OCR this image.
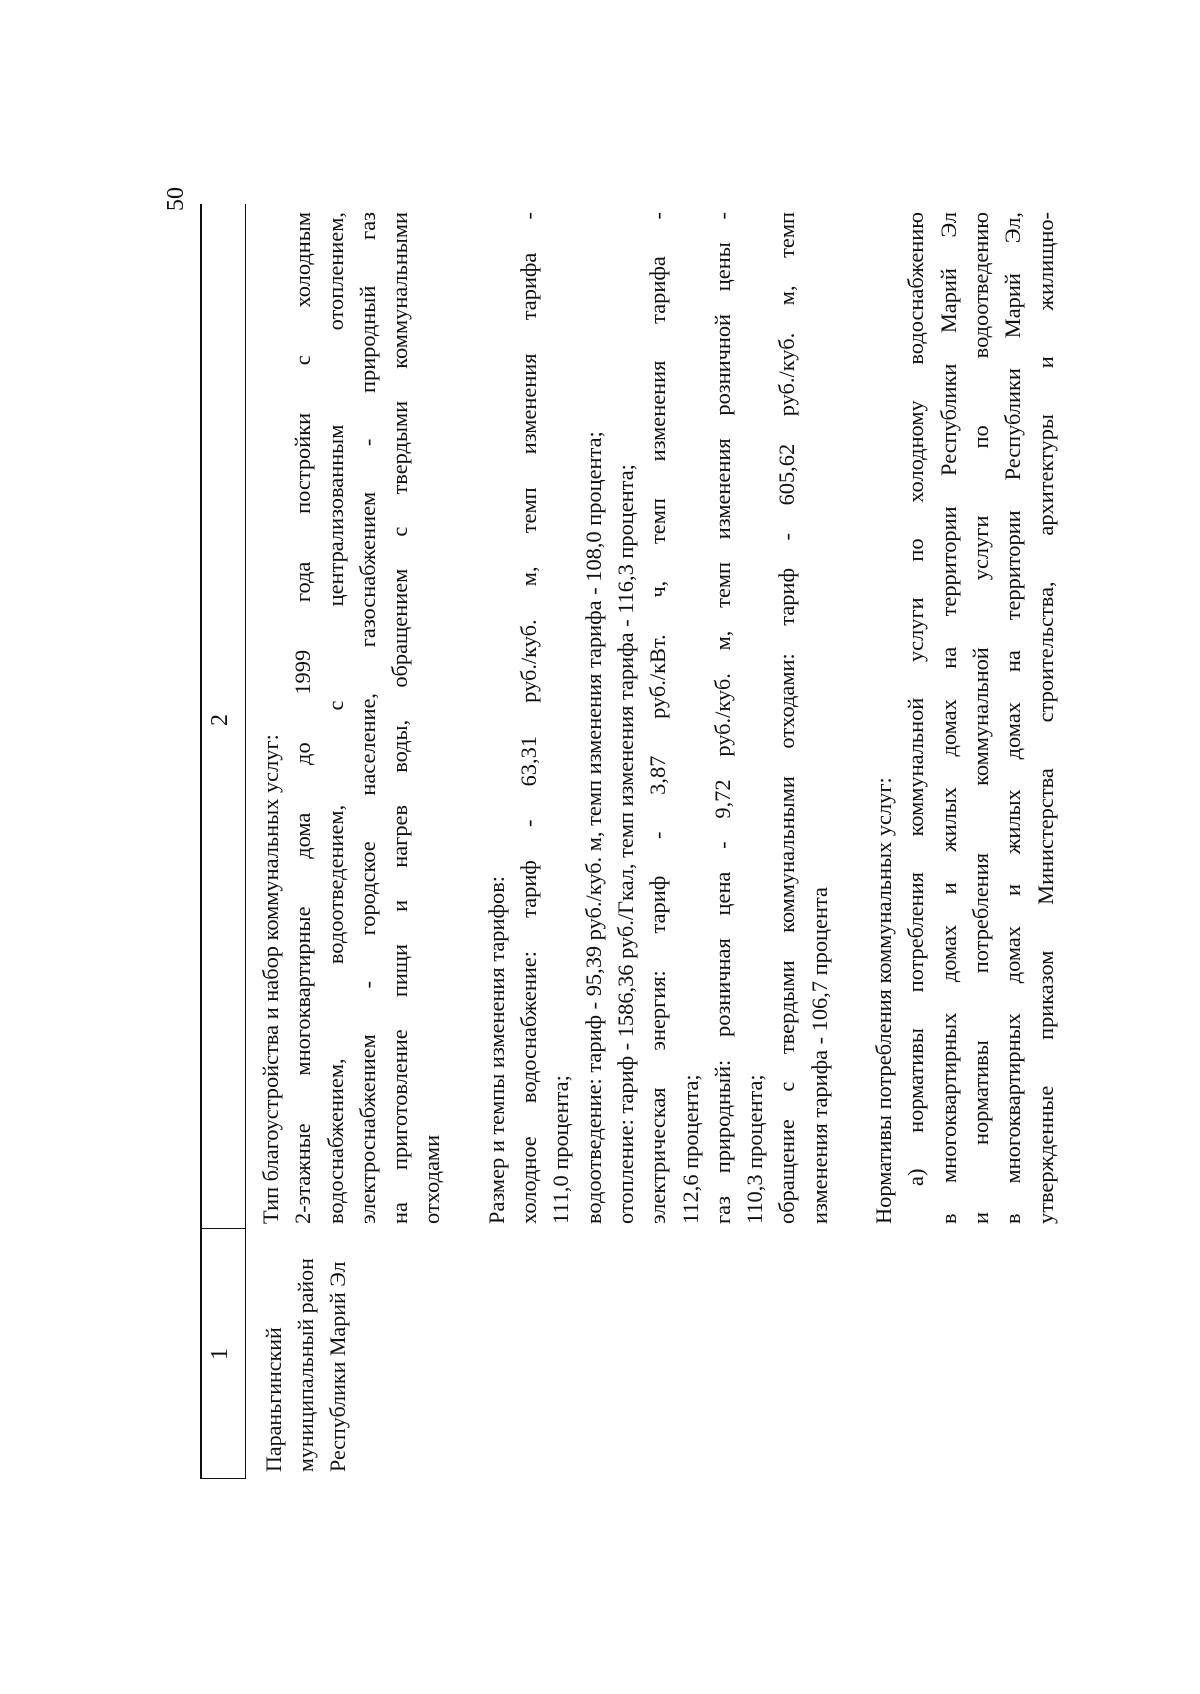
50
1
2
Параньгинский муниципальный район Республики Марий Эл

Тип благоустройства и набор коммунальных услуг: 2-этажные многоквартирные дома до 1999 года постройки с холодным водоснабжением, водоотведением, с централизованным отоплением, электроснабжением - городское население, газоснабжением - природный газ на приготовление пищи и нагрев воды, обращением с твердыми коммунальными отходами Размер и темпы изменения тарифов: холодное водоснабжение: тариф - 63,31 руб./куб. м, темп изменения тарифа - 111,0 процента; водоотведение: тариф - 95,39 руб./куб. м, темп изменения тарифа - 108,0 процента; отопление: тариф - 1586,36 руб./Гкал, темп изменения тарифа - 116,3 процента; электрическая энергия: тариф - 3,87 руб./кВт. ч, темп изменения тарифа - 112,6 процента; газ природный: розничная цена - 9,72 руб./куб. м, темп изменения розничной цены - 110,3 процента; обращение с твердыми коммунальными отходами: тариф - 605,62 руб./куб. м, темп изменения тарифа - 106,7 процента Нормативы потребления коммунальных услуг: а) нормативы потребления коммунальной услуги по холодному водоснабжению в многоквартирных домах и жилых домах на территории Республики Марий Эл и нормативы потребления коммунальной услуги по водоотведению в многоквартирных домах и жилых домах на территории Республики Марий Эл, утвержденные приказом Министерства строительства, архитектуры и жилищно-
